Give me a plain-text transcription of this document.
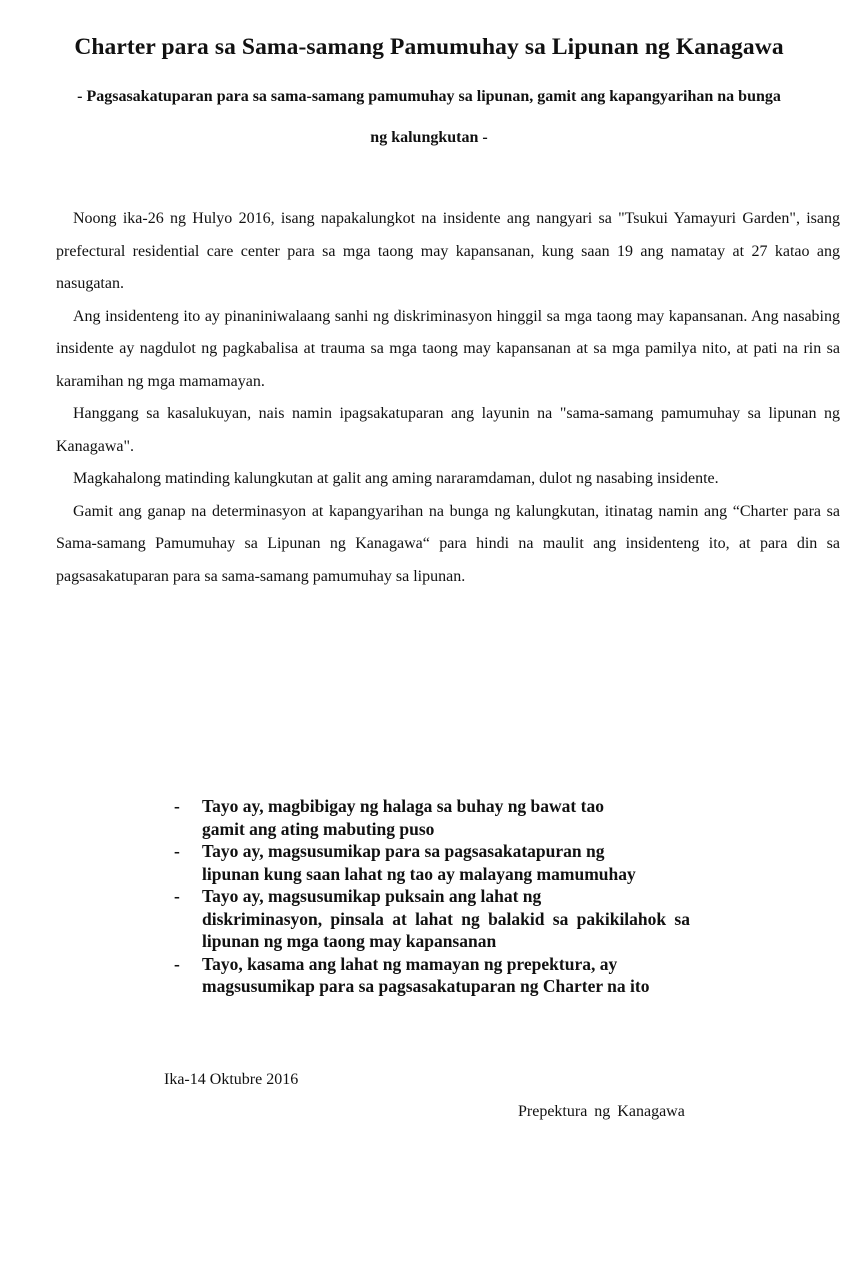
Charter para sa Sama-samang Pamumuhay sa Lipunan ng Kanagawa

- Pagsasakatuparan para sa sama-samang pamumuhay sa lipunan, gamit ang kapangyarihan na bunga

ng kalungkutan -

Noong ika-26 ng Hulyo 2016, isang napakalungkot na insidente ang nangyari sa "Tsukui Yamayuri Garden", isang prefectural residential care center para sa mga taong may kapansanan, kung saan 19 ang namatay at 27 katao ang nasugatan.

Ang insidenteng ito ay pinaniniwalaang sanhi ng diskriminasyon hinggil sa mga taong may kapansanan. Ang nasabing insidente ay nagdulot ng pagkabalisa at trauma sa mga taong may kapansanan at sa mga pamilya nito, at pati na rin sa karamihan ng mga mamamayan.

Hanggang sa kasalukuyan, nais namin ipagsakatuparan ang layunin na "sama-samang pamumuhay sa lipunan ng Kanagawa".

Magkahalong matinding kalungkutan at galit ang aming nararamdaman, dulot ng nasabing insidente.

Gamit ang ganap na determinasyon at kapangyarihan na bunga ng kalungkutan, itinatag namin ang “Charter para sa Sama-samang Pamumuhay sa Lipunan ng Kanagawa“ para hindi na maulit ang insidenteng ito, at para din sa pagsasakatuparan para sa sama-samang pamumuhay sa lipunan.

-	Tayo ay, magbibigay ng halaga sa buhay ng bawat tao
gamit ang ating mabuting puso
-	Tayo ay, magsusumikap para sa pagsasakatapuran ng
lipunan kung saan lahat ng tao ay malayang mamumuhay
-	Tayo ay, magsusumikap puksain ang lahat ng
diskriminasyon, pinsala at lahat ng balakid sa pakikilahok sa lipunan ng mga taong may kapansanan
-	Tayo, kasama ang lahat ng mamayan ng prepektura, ay
magsusumikap para sa pagsasakatuparan ng Charter na ito
Ika-14 Oktubre 2016
Prepektura ng Kanagawa
